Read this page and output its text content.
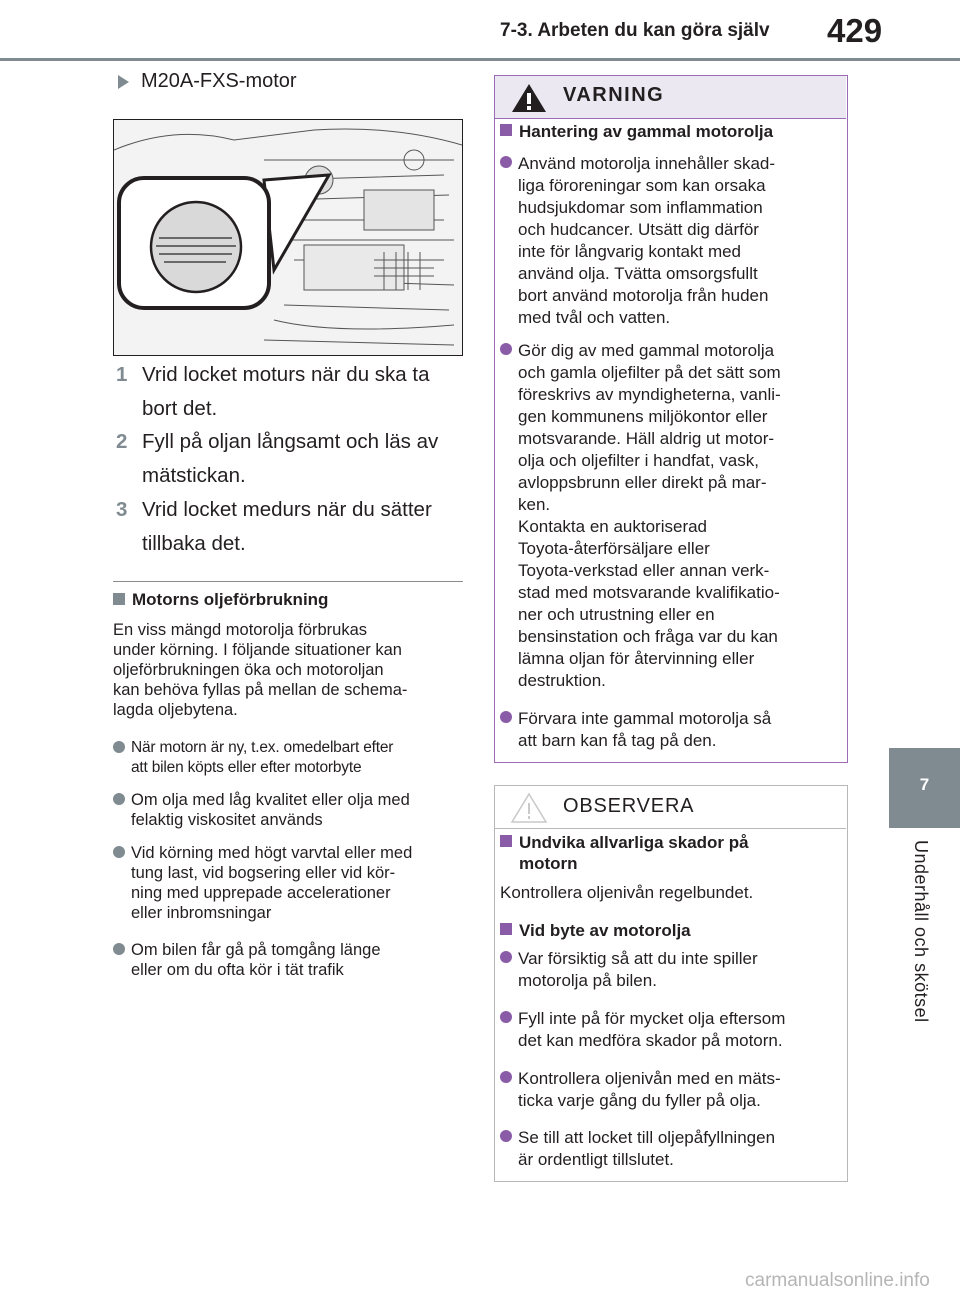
7-3. Arbeten du kan göra själv 429
7
Underhåll och skötsel
M20A-FXS-motor
1 Vrid locket moturs när du ska ta bort det.
2 Fyll på oljan långsamt och läs av mätstickan.
3 Vrid locket medurs när du sätter tillbaka det.
Motorns oljeförbrukning
En viss mängd motorolja förbrukas
under körning. I följande situationer kan
oljeförbrukningen öka och motoroljan
kan behöva fyllas på mellan de schema-
lagda oljebytena.
När motorn är ny, t.ex. omedelbart efter
att bilen köpts eller efter motorbyte
Om olja med låg kvalitet eller olja med
felaktig viskositet används
Vid körning med högt varvtal eller med
tung last, vid bogsering eller vid kör-
ning med upprepade accelerationer
eller inbromsningar
Om bilen får gå på tomgång länge
eller om du ofta kör i tät trafik
VARNING
Hantering av gammal motorolja
Använd motorolja innehåller skad-
liga föroreningar som kan orsaka
hudsjukdomar som inflammation
och hudcancer. Utsätt dig därför
inte för långvarig kontakt med
använd olja. Tvätta omsorgsfullt
bort använd motorolja från huden
med tvål och vatten.
Gör dig av med gammal motorolja
och gamla oljefilter på det sätt som
föreskrivs av myndigheterna, vanli-
gen kommunens miljökontor eller
motsvarande. Häll aldrig ut motor-
olja och oljefilter i handfat, vask,
avloppsbrunn eller direkt på mar-
ken.
Kontakta en auktoriserad
Toyota-återförsäljare eller
Toyota-verkstad eller annan verk-
stad med motsvarande kvalifikatio-
ner och utrustning eller en
bensinstation och fråga var du kan
lämna oljan för återvinning eller
destruktion.
Förvara inte gammal motorolja så
att barn kan få tag på den.
OBSERVERA
Undvika allvarliga skador på
motorn
Kontrollera oljenivån regelbundet.
Vid byte av motorolja
Var försiktig så att du inte spiller
motorolja på bilen.
Fyll inte på för mycket olja eftersom
det kan medföra skador på motorn.
Kontrollera oljenivån med en mäts-
ticka varje gång du fyller på olja.
Se till att locket till oljepåfyllningen
är ordentligt tillslutet.
carmanualsonline.info
